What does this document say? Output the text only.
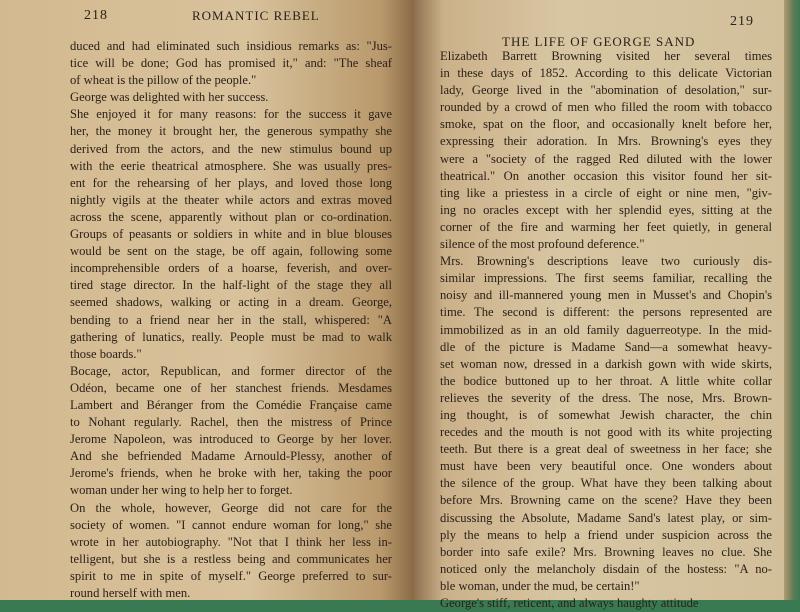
218	ROMANTIC REBEL
duced and had eliminated such insidious remarks as: "Jus-
tice will be done; God has promised it," and: "The sheaf
of wheat is the pillow of the people."
George was delighted with her success.
She enjoyed it for many reasons: for the success it gave
her, the money it brought her, the generous sympathy she
derived from the actors, and the new stimulus bound up
with the eerie theatrical atmosphere. She was usually pres-
ent for the rehearsing of her plays, and loved those long
nightly vigils at the theater while actors and extras moved
across the scene, apparently without plan or co-ordination.
Groups of peasants or soldiers in white and in blue blouses
would be sent on the stage, be off again, following some
incomprehensible orders of a hoarse, feverish, and over-
tired stage director. In the half-light of the stage they all
seemed shadows, walking or acting in a dream. George,
bending to a friend near her in the stall, whispered: "A
gathering of lunatics, really. People must be mad to walk
those boards."
Bocage, actor, Republican, and former director of the
Odéon, became one of her stanchest friends. Mesdames
Lambert and Béranger from the Comédie Française came
to Nohant regularly. Rachel, then the mistress of Prince
Jerome Napoleon, was introduced to George by her lover.
And she befriended Madame Arnould-Plessy, another of
Jerome's friends, when he broke with her, taking the poor
woman under her wing to help her to forget.
On the whole, however, George did not care for the
society of women. "I cannot endure woman for long," she
wrote in her autobiography. "Not that I think her less in-
telligent, but she is a restless being and communicates her
spirit to me in spite of myself." George preferred to sur-
round herself with men.
THE LIFE OF GEORGE SAND
219
Elizabeth Barrett Browning visited her several times
in these days of 1852. According to this delicate Victorian
lady, George lived in the "abomination of desolation," sur-
rounded by a crowd of men who filled the room with tobacco
smoke, spat on the floor, and occasionally knelt before her,
expressing their adoration. In Mrs. Browning's eyes they
were a "society of the ragged Red diluted with the lower
theatrical." On another occasion this visitor found her sit-
ting like a priestess in a circle of eight or nine men, "giv-
ing no oracles except with her splendid eyes, sitting at the
corner of the fire and warming her feet quietly, in general
silence of the most profound deference."
Mrs. Browning's descriptions leave two curiously dis-
similar impressions. The first seems familiar, recalling the
noisy and ill-mannered young men in Musset's and Chopin's
time. The second is different: the persons represented are
immobilized as in an old family daguerreotype. In the mid-
dle of the picture is Madame Sand—a somewhat heavy-
set woman now, dressed in a darkish gown with wide skirts,
the bodice buttoned up to her throat. A little white collar
relieves the severity of the dress. The nose, Mrs. Brown-
ing thought, is of somewhat Jewish character, the chin
recedes and the mouth is not good with its white projecting
teeth. But there is a great deal of sweetness in her face; she
must have been very beautiful once. One wonders about
the silence of the group. What have they been talking about
before Mrs. Browning came on the scene? Have they been
discussing the Absolute, Madame Sand's latest play, or sim-
ply the means to help a friend under suspicion across the
border into safe exile? Mrs. Browning leaves no clue. She
noticed only the melancholy disdain of the hostess: "A no-
ble woman, under the mud, be certain!"
George's stiff, reticent, and always haughty attitude
